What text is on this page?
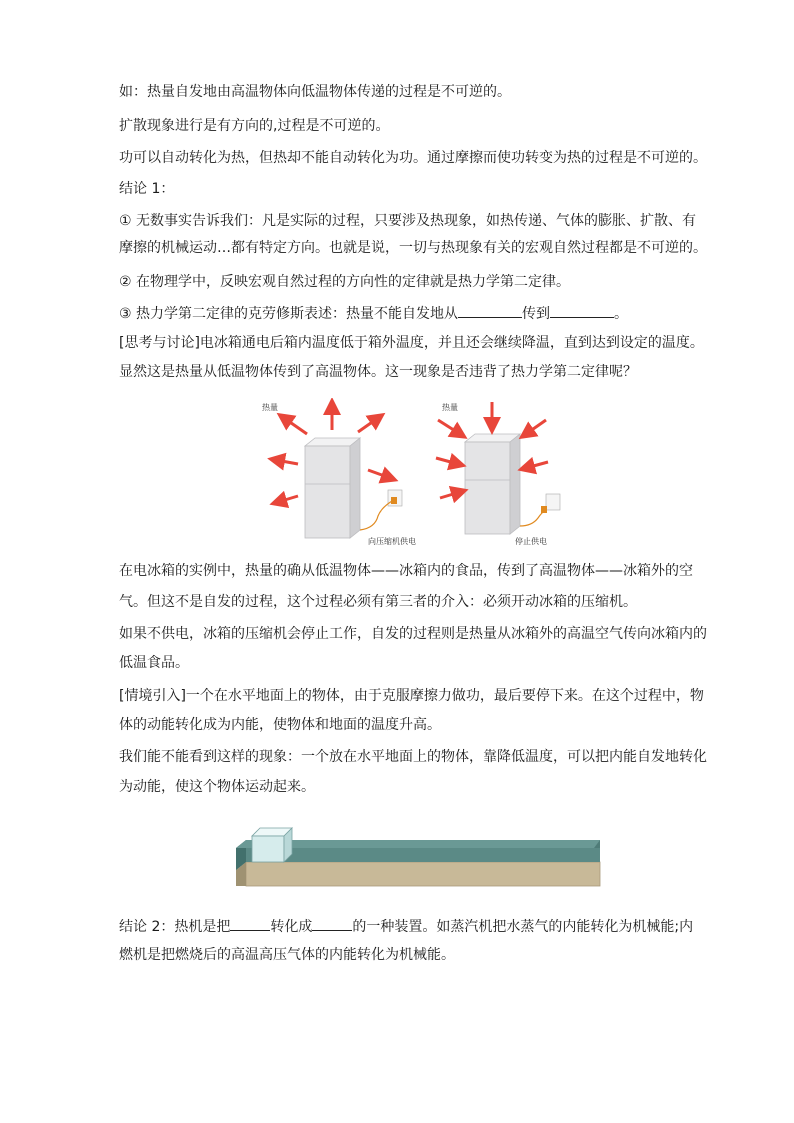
如：热量自发地由高温物体向低温物体传递的过程是不可逆的。
扩散现象进行是有方向的,过程是不可逆的。
功可以自动转化为热，但热却不能自动转化为功。通过摩擦而使功转变为热的过程是不可逆的。
结论 1：
① 无数事实告诉我们：凡是实际的过程，只要涉及热现象，如热传递、气体的膨胀、扩散、有
摩擦的机械运动…都有特定方向。也就是说，一切与热现象有关的宏观自然过程都是不可逆的。
② 在物理学中，反映宏观自然过程的方向性的定律就是热力学第二定律。
③ 热力学第二定律的克劳修斯表述：热量不能自发地从	传到	。
[思考与讨论]电冰箱通电后箱内温度低于箱外温度，并且还会继续降温，直到达到设定的温度。
显然这是热量从低温物体传到了高温物体。这一现象是否违背了热力学第二定律呢？
热量
向压缩机供电
热量
停止供电
在电冰箱的实例中，热量的确从低温物体——冰箱内的食品，传到了高温物体——冰箱外的空
气。但这不是自发的过程，这个过程必须有第三者的介入：必须开动冰箱的压缩机。
如果不供电，冰箱的压缩机会停止工作，自发的过程则是热量从冰箱外的高温空气传向冰箱内的
低温食品。
[情境引入]一个在水平地面上的物体，由于克服摩擦力做功，最后要停下来。在这个过程中，物
体的动能转化成为内能，使物体和地面的温度升高。
我们能不能看到这样的现象：一个放在水平地面上的物体，靠降低温度，可以把内能自发地转化
为动能，使这个物体运动起来。
结论 2：热机是把	转化成	的一种装置。如蒸汽机把水蒸气的内能转化为机械能;内
燃机是把燃烧后的高温高压气体的内能转化为机械能。
